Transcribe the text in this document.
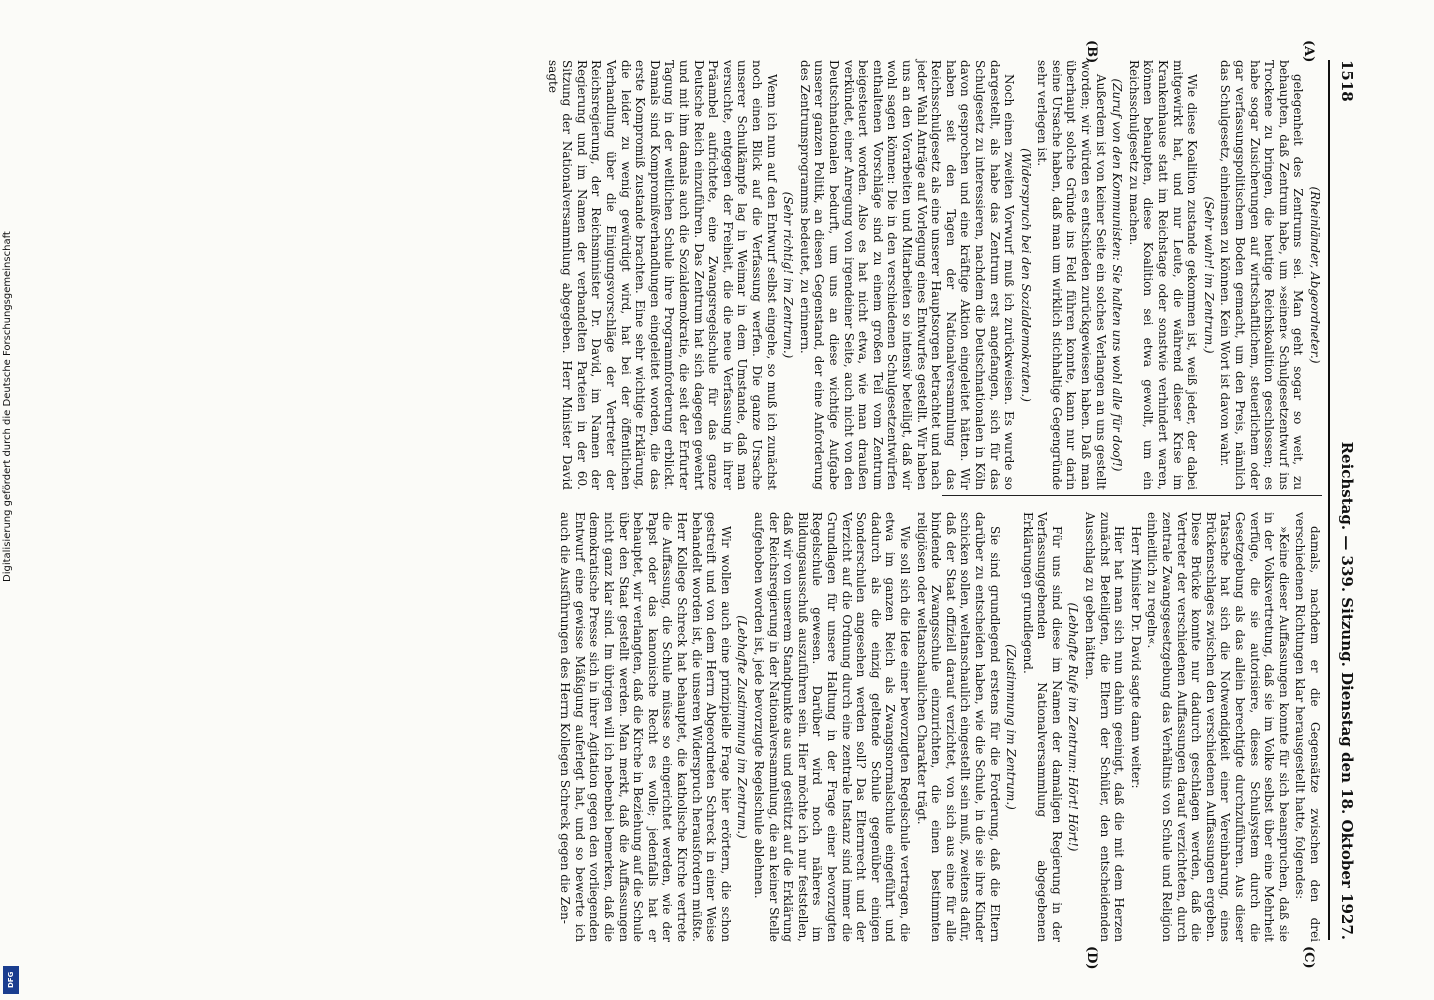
1518
Reichstag. — 339. Sitzung. Dienstag den 18. Oktober 1927.
(A)
(B)
(C)
(D)

(Rheinländer, Abgeordneter.)

gelegenheit des Zentrums sei. Man geht sogar so weit, zu behaupten, daß Zentrum habe, um »seinen« Schulgesetzentwurf ins Trockene zu bringen, die heutige Reichskoalition geschlossen; es habe sogar Zusicherungen auf wirtschaftlichem, steuerlichem oder gar verfassungspolitischem Boden gemacht, um den Preis, nämlich das Schulgesetz, einheimsen zu können. Kein Wort ist davon wahr.

(Sehr wahr! im Zentrum.)

Wie diese Koalition zustande gekommen ist, weiß jeder, der dabei mitgewirkt hat, und nur Leute, die während dieser Krise im Krankenhause statt im Reichstage oder sonstwie verhindert waren, können behaupten, diese Koalition sei etwa gewollt, um ein Reichsschulgesetz zu machen.

(Zuruf von den Kommunisten: Sie halten uns wohl alle für doof!)

Außerdem ist von keiner Seite ein solches Verlangen an uns gestellt worden; wir würden es entschieden zurückgewiesen haben. Daß man überhaupt solche Gründe ins Feld führen konnte, kann nur darin seine Ursache haben, daß man um wirklich stichhaltige Gegengründe sehr verlegen ist.

(Widerspruch bei den Sozialdemokraten.)

Noch einen zweiten Vorwurf muß ich zurückweisen. Es wurde so dargestellt, als habe das Zentrum erst angefangen, sich für das Schulgesetz zu interessieren, nachdem die Deutschnationalen in Köln davon gesprochen und eine kräftige Aktion eingeleitet hätten. Wir haben seit den Tagen der Nationalversammlung das Reichsschulgesetz als eine unserer Hauptsorgen betrachtet und nach jeder Wahl Anträge auf Vorlegung eines Entwurfes gestellt. Wir haben uns an den Vorarbeiten und Mitarbeiten so intensiv beteiligt, daß wir wohl sagen können: Die in den verschiedenen Schulgesetzentwürfen enthaltenen Vorschläge sind zu einem großen Teil vom Zentrum beigesteuert worden. Also es hat nicht etwa, wie man draußen verkündet, einer Anregung von irgendeiner Seite, auch nicht von den Deutschnationalen bedurft, um uns an diese wichtige Aufgabe unserer ganzen Politik, an diesen Gegenstand, der eine Anforderung des Zentrumsprogramms bedeutet, zu erinnern.

(Sehr richtig! im Zentrum.)

Wenn ich nun auf den Entwurf selbst eingehe, so muß ich zunächst noch einen Blick auf die Verfassung werfen. Die ganze Ursache unserer Schulkämpfe lag in Weimar in dem Umstande, daß man versuchte, entgegen der Freiheit, die die neue Verfassung in ihrer Präambel aufrichtete, eine Zwangsregelschule für das ganze Deutsche Reich einzuführen. Das Zentrum hat sich dagegen gewehrt und mit ihm damals auch die Sozialdemokratie, die seit der Erfurter Tagung in der weltlichen Schule ihre Programmforderung erblickt. Damals sind Kompromißverhandlungen eingeleitet worden, die das erste Kompromiß zustande brachten. Eine sehr wichtige Erklärung, die leider zu wenig gewürdigt wird, hat bei der öffentlichen Verhandlung über die Einigungsvorschläge der Vertreter der Reichsregierung, der Reichsminister Dr. David, im Namen der Regierung und im Namen der verbandelten Parteien in der 60. Sitzung der Nationalversammlung abgegeben. Herr Minister David sagte

damals, nachdem er die Gegensätze zwischen den drei verschiedenen Richtungen klar herausgestellt hatte, folgendes:

»Keine dieser Auffassungen konnte für sich beanspruchen, daß sie in der Volksvertretung, daß sie im Volke selbst über eine Mehrheit verfüge, die sie autorisiere, dieses Schulsystem durch die Gesetzgebung als das allein berechtigte durchzuführen. Aus dieser Tatsache hat sich die Notwendigkeit einer Vereinbarung, eines Brückenschlages zwischen den verschiedenen Auffassungen ergeben. Diese Brücke konnte nur dadurch geschlagen werden, daß die Vertreter der verschiedenen Auffassungen darauf verzichteten, durch zentrale Zwangsgesetzgebung das Verhältnis von Schule und Religion einheitlich zu regeln«.

Herr Minister Dr. David sagte dann weiter:

Hier hat man sich nun dahin geeinigt, daß die mit dem Herzen zunächst Beteiligten, die Eltern der Schüler, den entscheidenden Ausschlag zu geben hätten.

(Lebhafte Rufe im Zentrum: Hört! Hört!)

Für uns sind diese im Namen der damaligen Regierung in der Verfassunggebenden Nationalversammlung abgegebenen Erklärungen grundlegend.

(Zustimmung im Zentrum.)

Sie sind grundlegend erstens für die Forderung, daß die Eltern darüber zu entscheiden haben, wie die Schule, in die sie ihre Kinder schicken sollen, weltanschaulich eingestellt sein muß, zweitens dafür, daß der Staat offiziell darauf verzichtet, von sich aus eine für alle bindende Zwangsschule einzurichten, die einen bestimmten religiösen oder weltanschaulichen Charakter trägt.

Wie soll sich die Idee einer bevorzugten Regelschule vertragen, die etwa im ganzen Reich als Zwangsnormalschule eingeführt und dadurch als die einzig geltende Schule gegenüber einigen Sonderschulen angesehen werden soll? Das Elternrecht und der Verzicht auf die Ordnung durch eine zentrale Instanz sind immer die Grundlagen für unsere Haltung in der Frage einer bevorzugten Regelschule gewesen. Darüber wird noch näheres im Bildungsausschuß auszuführen sein. Hier möchte ich nur feststellen, daß wir von unserem Standpunkte aus und gestützt auf die Erklärung der Reichsregierung in der Nationalversammlung, die an keiner Stelle aufgehoben worden ist, jede bevorzugte Regelschule ablehnen.

(Lebhafte Zustimmung im Zentrum.)

Wir wollen auch eine prinzipielle Frage hier erörtern, die schon gestreift und von dem Herrn Abgeordneten Schreck in einer Weise behandelt worden ist, die unseren Widerspruch herausfordern müßte. Herr Kollege Schreck hat behauptet, die katholische Kirche vertrete die Auffassung, die Schule müsse so eingerichtet werden, wie der Papst oder das kanonische Recht es wolle; jedenfalls hat er behauptet, wir verlangten, daß die Kirche in Beziehung auf die Schule über den Staat gestellt werden. Man merkt, daß die Auffassungen nicht ganz klar sind. Im übrigen will ich nebenbei bemerken, daß die demokratische Presse sich in ihrer Agitation gegen den vorliegenden Entwurf eine gewisse Mäßigung auferlegt hat, und so bewerte ich auch die Ausführungen des Herrn Kollegen Schreck gegen die Zen-

Digitalisierung gefördert durch die Deutsche Forschungsgemeinschaft
DFG
